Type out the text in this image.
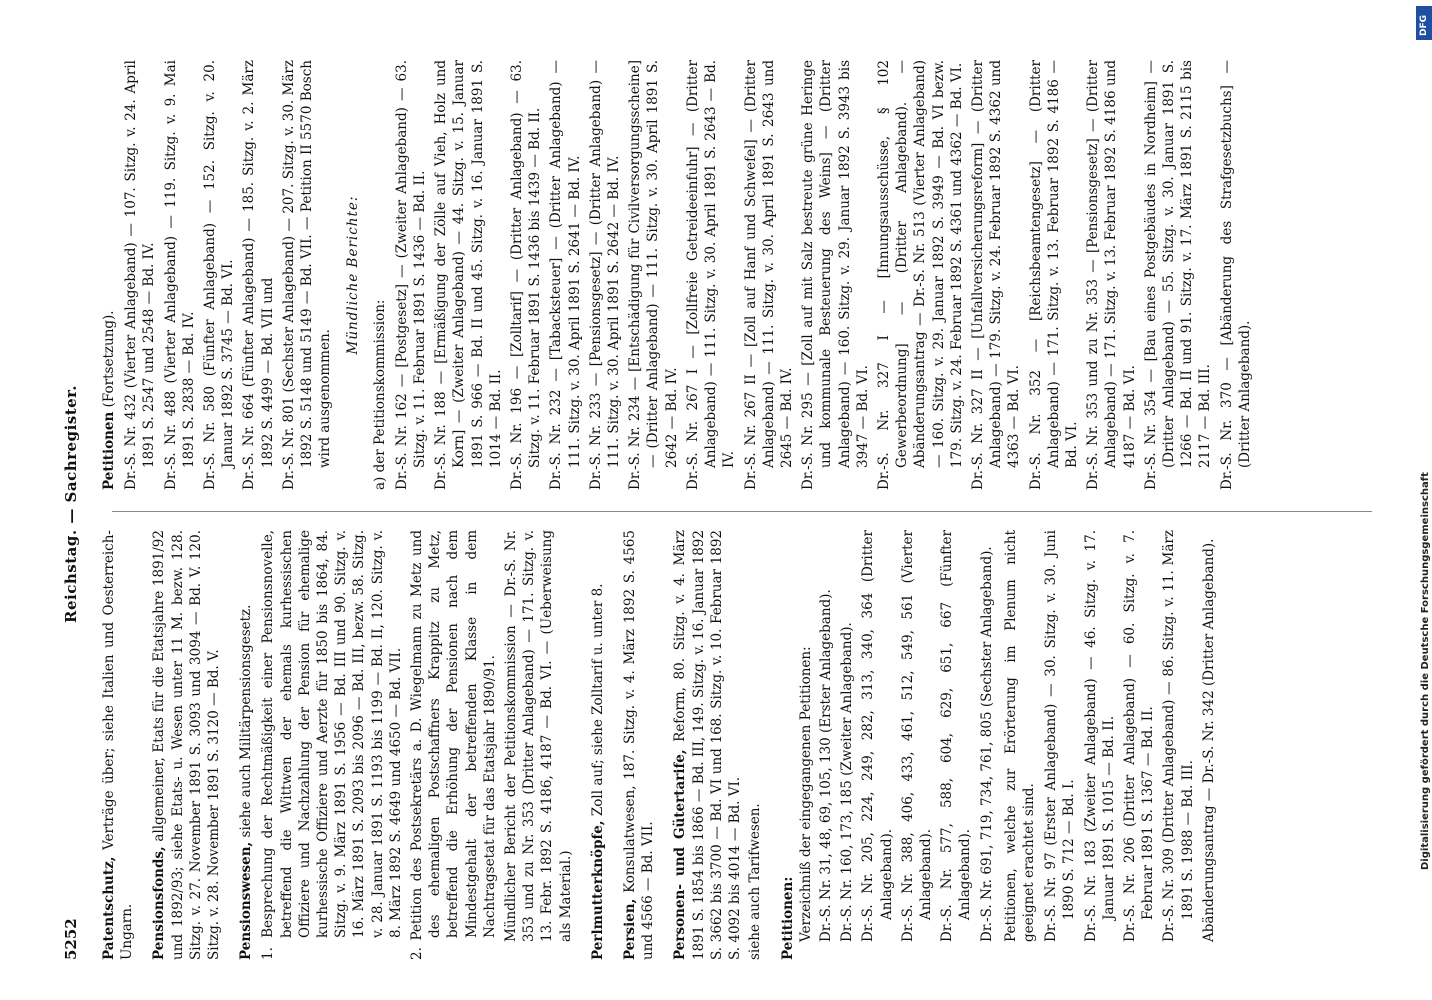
5252
Reichstag. — Sachregister.

Patentschutz, Verträge über; siehe Italien und Oesterreich-Ungarn. Pensionsfonds, allgemeiner, Etats für die Etatsjahre 1891/92 und 1892/93; siehe Etats- u. Wesen unter 11 M. bezw. 128. Sitzg. v. 27. November 1891 S. 3093 und 3094 — Bd. V. 120. Sitzg. v. 28. November 1891 S. 3120 — Bd. V. Pensionswesen, siehe auch Militärpensionsgesetz. 1. Besprechung der Rechtmäßigkeit einer Pensionsnovelle, betreffend die Wittwen der ehemals kurhessischen Offiziere und Nachzahlung der Pension für ehemalige kurhessische Offiziere und Aerzte für 1850 bis 1864, 84. Sitzg. v. 9. März 1891 S. 1956 — Bd. III und 90. Sitzg. v. 16. März 1891 S. 2093 bis 2096 — Bd. III, bezw. 58. Sitzg. v. 28. Januar 1891 S. 1193 bis 1199 — Bd. II, 120. Sitzg. v. 8. März 1892 S. 4649 und 4650 — Bd. VII. 2. Petition des Postsekretärs a. D. Wiegelmann zu Metz und des ehemaligen Postschaffners Krappitz zu Metz, betreffend die Erhöhung der Pensionen nach dem Mindestgehalt der betreffenden Klasse in dem Nachtragsetat für das Etatsjahr 1890/91. Mündlicher Bericht der Petitionskommission — Dr.-S. Nr. 353 und zu Nr. 353 (Dritter Anlageband) — 171. Sitzg. v. 13. Febr. 1892 S. 4186, 4187 — Bd. VI. — (Ueberweisung als Material.) Perlmutterknöpfe, Zoll auf; siehe Zolltarif u. unter 8.

Persien, Konsulatwesen, 187. Sitzg. v. 4. März 1892 S. 4565 und 4566 — Bd. VII. Personen- und Gütertarife, Reform, 80. Sitzg. v. 4. März 1891 S. 1854 bis 1866 — Bd. III, 149. Sitzg. v. 16. Januar 1892 S. 3662 bis 3700 — Bd. VI und 168. Sitzg. v. 10. Februar 1892 S. 4092 bis 4014 — Bd. VI. siehe auch Tarifwesen. Petitionen: Verzeichniß der eingegangenen Petitionen: Dr.-S. Nr. 31, 48, 69, 105, 130 (Erster Anlageband). Dr.-S. Nr. 160, 173, 185 (Zweiter Anlageband). Dr.-S. Nr. 205, 224, 249, 282, 313, 340, 364 (Dritter Anlageband). Dr.-S. Nr. 388, 406, 433, 461, 512, 549, 561 (Vierter Anlageband). Dr.-S. Nr. 577, 588, 604, 629, 651, 667 (Fünfter Anlageband). Dr.-S. Nr. 691, 719, 734, 761, 805 (Sechster Anlageband). Petitionen, welche zur Erörterung im Plenum nicht geeignet erachtet sind. Dr.-S. Nr. 97 (Erster Anlageband) — 30. Sitzg. v. 30. Juni 1890 S. 712 — Bd. I. Dr.-S. Nr. 183 (Zweiter Anlageband) — 46. Sitzg. v. 17. Januar 1891 S. 1015 — Bd. II. Dr.-S. Nr. 206 (Dritter Anlageband) — 60. Sitzg. v. 7. Februar 1891 S. 1367 — Bd. II. Dr.-S. Nr. 309 (Dritter Anlageband) — 86. Sitzg. v. 11. März 1891 S. 1988 — Bd. III. Abänderungsantrag — Dr.-S. Nr. 342 (Dritter Anlageband).

Petitionen (Fortsetzung). Dr.-S. Nr. 432 (Vierter Anlageband) — 107. Sitzg. v. 24. April 1891 S. 2547 und 2548 — Bd. IV. Dr.-S. Nr. 488 (Vierter Anlageband) — 119. Sitzg. v. 9. Mai 1891 S. 2838 — Bd. IV. Dr.-S. Nr. 580 (Fünfter Anlageband) — 152. Sitzg. v. 20. Januar 1892 S. 3745 — Bd. VI. Dr.-S. Nr. 664 (Fünfter Anlageband) — 185. Sitzg. v. 2. März 1892 S. 4499 — Bd. VII und Dr.-S. Nr. 801 (Sechster Anlageband) — 207. Sitzg. v. 30. März 1892 S. 5148 und 5149 — Bd. VII. — Petition II 5570 Bosch wird ausgenommen.

Mündliche Berichte:

a) der Petitionskommission: Dr.-S. Nr. 162 — [Postgesetz] — (Zweiter Anlageband) — 63. Sitzg. v. 11. Februar 1891 S. 1436 — Bd. II. Dr.-S. Nr. 188 — [Ermäßigung der Zölle auf Vieh, Holz und Korn] — (Zweiter Anlageband) — 44. Sitzg. v. 15. Januar 1891 S. 966 — Bd. II und 45. Sitzg. v. 16. Januar 1891 S. 1014 — Bd. II. Dr.-S. Nr. 196 — [Zolltarif] — (Dritter Anlageband) — 63. Sitzg. v. 11. Februar 1891 S. 1436 bis 1439 — Bd. II. Dr.-S. Nr. 232 — [Tabacksteuer] — (Dritter Anlageband) — 111. Sitzg. v. 30. April 1891 S. 2641 — Bd. IV. Dr.-S. Nr. 233 — [Pensionsgesetz] — (Dritter Anlageband) — 111. Sitzg. v. 30. April 1891 S. 2642 — Bd. IV. Dr.-S. Nr. 234 — [Entschädigung für Civilversorgungsscheine] — (Dritter Anlageband) — 111. Sitzg. v. 30. April 1891 S. 2642 — Bd. IV. Dr.-S. Nr. 267 I — [Zollfreie Getreideeinfuhr] — (Dritter Anlageband) — 111. Sitzg. v. 30. April 1891 S. 2643 — Bd. IV. Dr.-S. Nr. 267 II — [Zoll auf Hanf und Schwefel] — (Dritter Anlageband) — 111. Sitzg. v. 30. April 1891 S. 2643 und 2645 — Bd. IV. Dr.-S. Nr. 295 — [Zoll auf mit Salz bestreute grüne Heringe und kommunale Besteuerung des Weins] — (Dritter Anlageband) — 160. Sitzg. v. 29. Januar 1892 S. 3943 bis 3947 — Bd. VI. Dr.-S. Nr. 327 I — [Innungsausschüsse, § 102 Gewerbeordnung] — (Dritter Anlageband). — Abänderungsantrag — Dr.-S. Nr. 513 (Vierter Anlageband) — 160. Sitzg. v. 29. Januar 1892 S. 3949 — Bd. VI bezw. 179. Sitzg. v. 24. Februar 1892 S. 4361 und 4362 — Bd. VI. Dr.-S. Nr. 327 II — [Unfallversicherungsreform] — (Dritter Anlageband) — 179. Sitzg. v. 24. Februar 1892 S. 4362 und 4363 — Bd. VI. Dr.-S. Nr. 352 — [Reichsbeamtengesetz] — (Dritter Anlageband) — 171. Sitzg. v. 13. Februar 1892 S. 4186 — Bd. VI. Dr.-S. Nr. 353 und zu Nr. 353 — [Pensionsgesetz] — (Dritter Anlageband) — 171. Sitzg. v. 13. Februar 1892 S. 4186 und 4187 — Bd. VI. Dr.-S. Nr. 354 — [Bau eines Postgebäudes in Nordheim] — (Dritter Anlageband) — 55. Sitzg. v. 30. Januar 1891 S. 1266 — Bd. II und 91. Sitzg. v. 17. März 1891 S. 2115 bis 2117 — Bd. III. Dr.-S. Nr. 370 — [Abänderung des Strafgesetzbuchs] — (Dritter Anlageband).

DFG
Digitalisierung gefördert durch die Deutsche Forschungsgemeinschaft
